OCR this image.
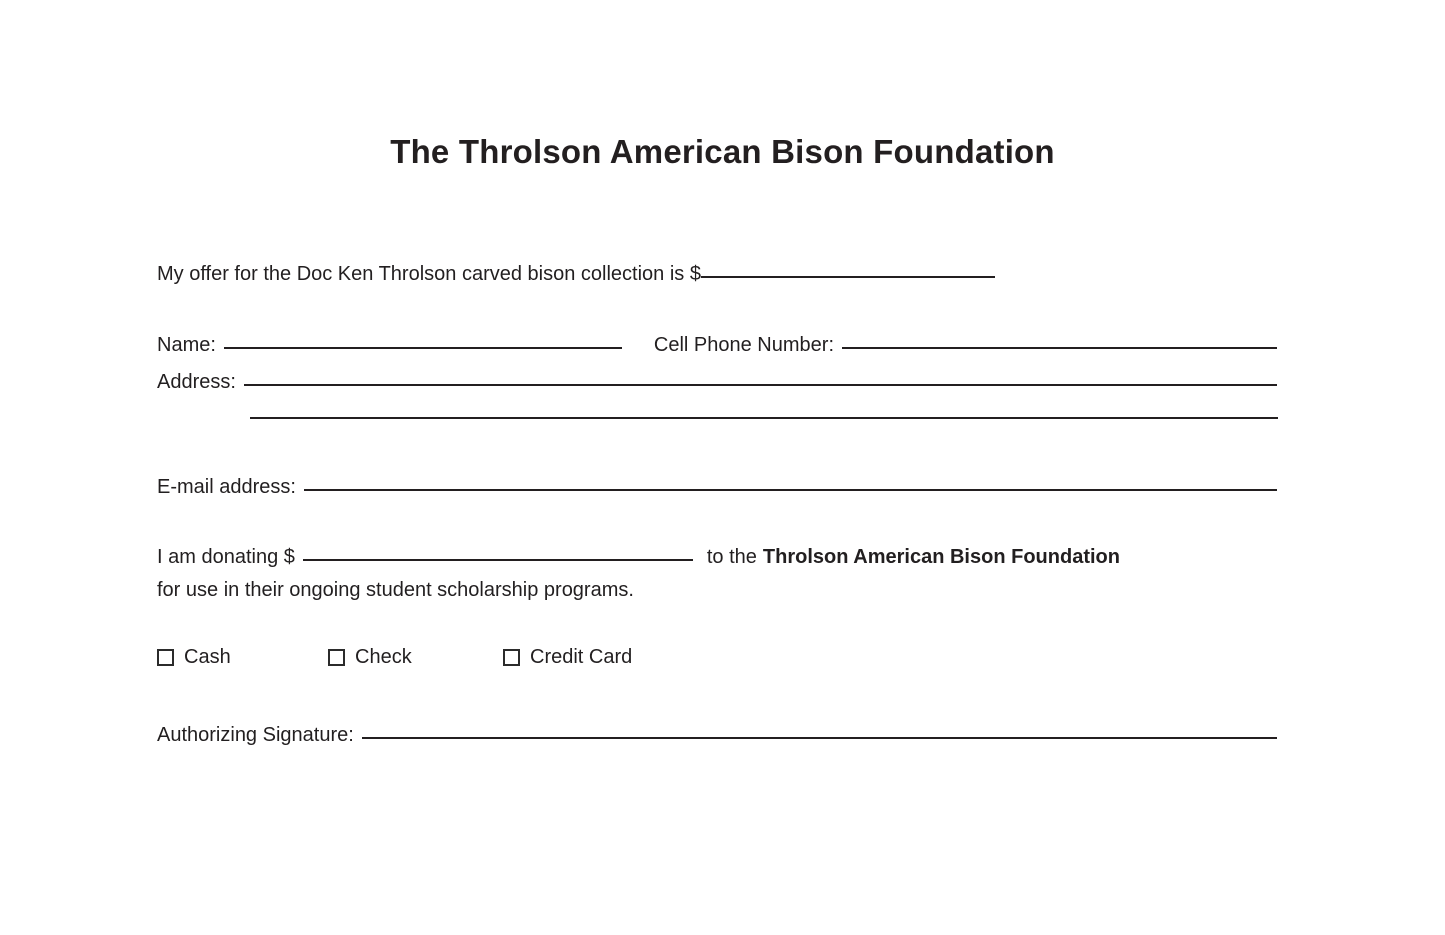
The Throlson American Bison Foundation
My offer for the Doc Ken Throlson carved bison collection is $
Name:	Cell Phone Number:
Address:
E-mail address:
I am donating $	to the Throlson American Bison Foundation
for use in their ongoing student scholarship programs.
Cash	Check	Credit Card
Authorizing Signature:
